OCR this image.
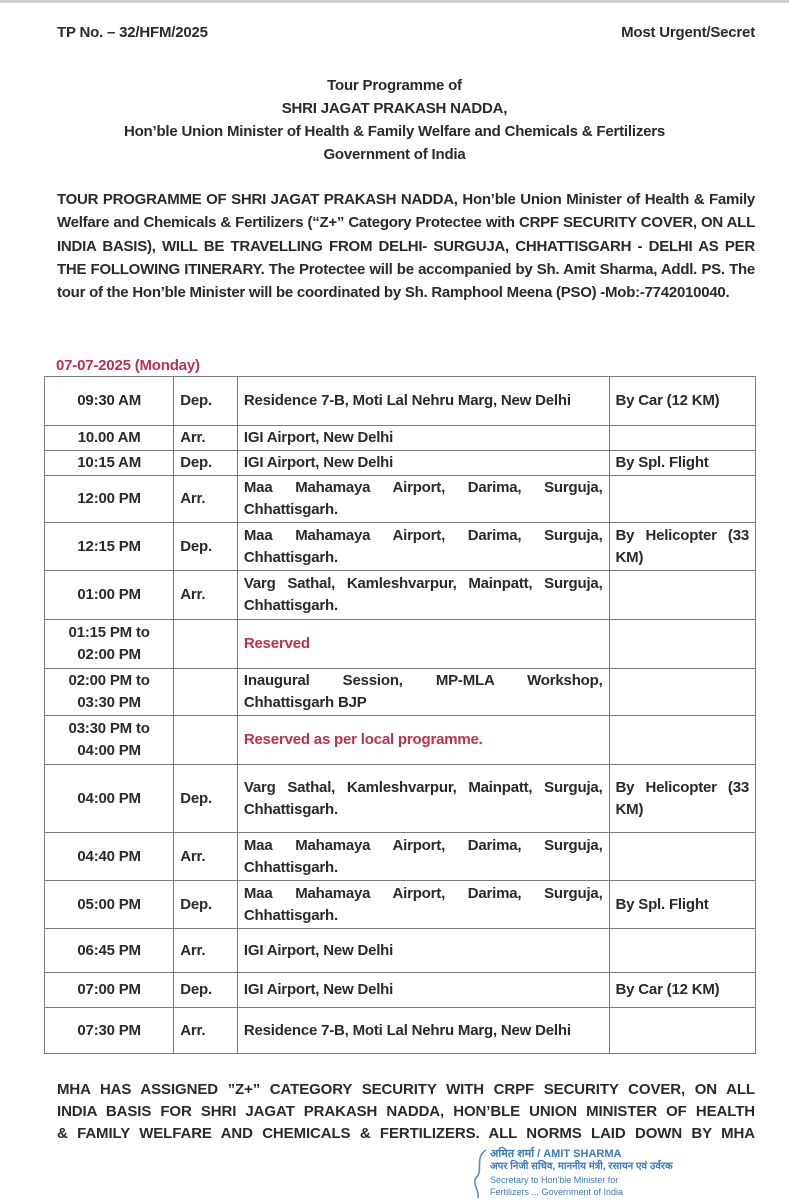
TP No. – 32/HFM/2025	Most Urgent/Secret
Tour Programme of
SHRI JAGAT PRAKASH NADDA,
Hon’ble Union Minister of Health & Family Welfare and Chemicals & Fertilizers
Government of India
TOUR PROGRAMME OF SHRI JAGAT PRAKASH NADDA, Hon’ble Union Minister of Health & Family Welfare and Chemicals & Fertilizers (“Z+” Category Protectee with CRPF SECURITY COVER, ON ALL INDIA BASIS), WILL BE TRAVELLING FROM DELHI- SURGUJA, CHHATTISGARH - DELHI AS PER THE FOLLOWING ITINERARY. The Protectee will be accompanied by Sh. Amit Sharma, Addl. PS. The tour of the Hon’ble Minister will be coordinated by Sh. Ramphool Meena (PSO) -Mob:-7742010040.
07-07-2025 (Monday)
09:30 AM	Dep.	Residence 7-B, Moti Lal Nehru Marg, New Delhi	By Car (12 KM)
10.00 AM	Arr.	IGI Airport, New Delhi	
10:15 AM	Dep.	IGI Airport, New Delhi	By Spl. Flight
12:00 PM	Arr.	Maa Mahamaya Airport, Darima, Surguja, Chhattisgarh.	
12:15 PM	Dep.	Maa Mahamaya Airport, Darima, Surguja, Chhattisgarh.	By Helicopter (33 KM)
01:00 PM	Arr.	Varg Sathal, Kamleshvarpur, Mainpatt, Surguja, Chhattisgarh.	
01:15 PM to 02:00 PM		Reserved	
02:00 PM to 03:30 PM		Inaugural Session, MP-MLA Workshop, Chhattisgarh BJP	
03:30 PM to 04:00 PM		Reserved as per local programme.	
04:00 PM	Dep.	Varg Sathal, Kamleshvarpur, Mainpatt, Surguja, Chhattisgarh.	By Helicopter (33 KM)
04:40 PM	Arr.	Maa Mahamaya Airport, Darima, Surguja, Chhattisgarh.	
05:00 PM	Dep.	Maa Mahamaya Airport, Darima, Surguja, Chhattisgarh.	By Spl. Flight
06:45 PM	Arr.	IGI Airport, New Delhi	
07:00 PM	Dep.	IGI Airport, New Delhi	By Car (12 KM)
07:30 PM	Arr.	Residence 7-B, Moti Lal Nehru Marg, New Delhi	
MHA HAS ASSIGNED ”Z+” CATEGORY SECURITY WITH CRPF SECURITY COVER, ON ALL
INDIA BASIS FOR SHRI JAGAT PRAKASH NADDA, HON’BLE UNION MINISTER OF HEALTH
& FAMILY WELFARE AND CHEMICALS & FERTILIZERS. ALL NORMS LAID DOWN BY MHA
अमित शर्मा / AMIT SHARMA
अपर निजी सचिव, माननीय मंत्री, रसायन एवं उर्वरक
Secretary to Hon'ble Minister for
Fertilizers ... Government of India
